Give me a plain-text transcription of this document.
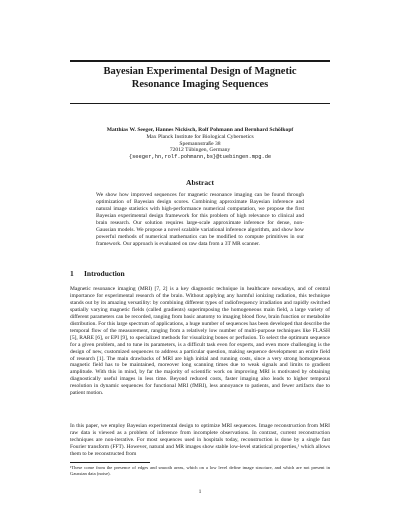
Bayesian Experimental Design of Magnetic
Resonance Imaging Sequences
Matthias W. Seeger, Hannes Nickisch, Rolf Pohmann and Bernhard Schölkopf
Max Planck Institute for Biological Cybernetics
Spemannstraße 38
72012 Tübingen, Germany
{seeger,hn,rolf.pohmann,bs}@tuebingen.mpg.de
Abstract

We show how improved sequences for magnetic resonance imaging can be found through optimization of Bayesian design scores. Combining approximate Bayesian inference and natural image statistics with high-performance numerical computation, we propose the first Bayesian experimental design framework for this problem of high relevance to clinical and brain research. Our solution requires large-scale approximate inference for dense, non-Gaussian models. We propose a novel scalable variational inference algorithm, and show how powerful methods of numerical mathematics can be modified to compute primitives in our framework. Our approach is evaluated on raw data from a 3T MR scanner.

1 Introduction

Magnetic resonance imaging (MRI) [7, 2] is a key diagnostic technique in healthcare nowadays, and of central importance for experimental research of the brain. Without applying any harmful ionizing radiation, this technique stands out by its amazing versatility: by combining different types of radiofrequency irradiation and rapidly switched spatially varying magnetic fields (called gradients) superimposing the homogeneous main field, a large variety of different parameters can be recorded, ranging from basic anatomy to imaging blood flow, brain function or metabolite distribution. For this large spectrum of applications, a huge number of sequences has been developed that describe the temporal flow of the measurement, ranging from a relatively low number of multi-purpose techniques like FLASH [5], RARE [6], or EPI [9], to specialized methods for visualizing bones or perfusion. To select the optimum sequence for a given problem, and to tune its parameters, is a difficult task even for experts, and even more challenging is the design of new, customized sequences to address a particular question, making sequence development an entire field of research [1]. The main drawbacks of MRI are high initial and running costs, since a very strong homogeneous magnetic field has to be maintained, moreover long scanning times due to weak signals and limits to gradient amplitude. With this in mind, by far the majority of scientific work on improving MRI is motivated by obtaining diagnostically useful images in less time. Beyond reduced costs, faster imaging also leads to higher temporal resolution in dynamic sequences for functional MRI (fMRI), less annoyance to patients, and fewer artifacts due to patient motion.

In this paper, we employ Bayesian experimental design to optimize MRI sequences. Image reconstruction from MRI raw data is viewed as a problem of inference from incomplete observations. In contrast, current reconstruction techniques are non-iterative. For most sequences used in hospitals today, reconstruction is done by a single fast Fourier transform (FFT). However, natural and MR images show stable low-level statistical properties,¹ which allows them to be reconstructed from

¹These come from the presence of edges and smooth areas, which on a low level define image structure, and which are not present in Gaussian data (noise).

1
